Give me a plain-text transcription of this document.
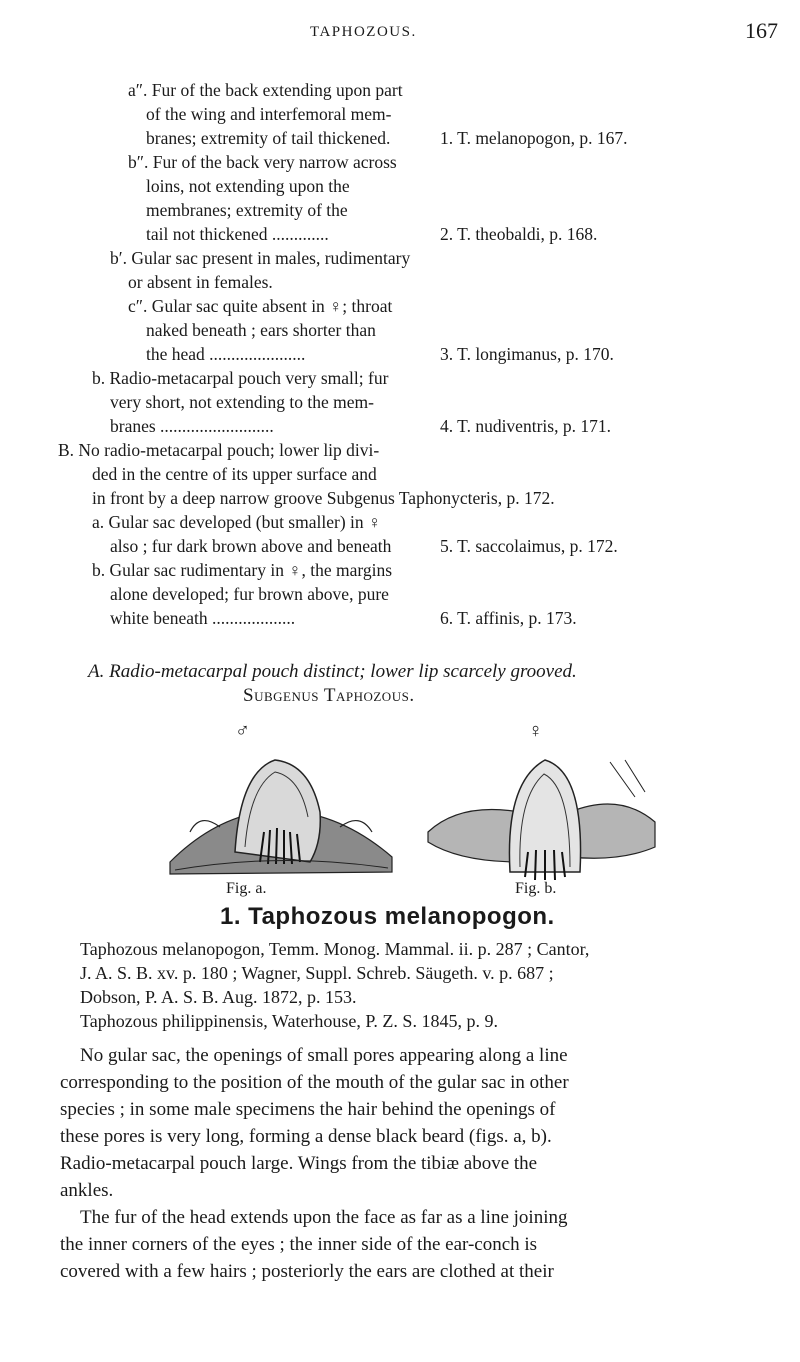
TAPHOZOUS.	167
a″. Fur of the back extending upon part
of the wing and interfemoral mem-
branes; extremity of tail thickened.	1. T. melanopogon, p. 167.
b″. Fur of the back very narrow across
loins, not extending upon the
membranes; extremity of the
tail not thickened .............	2. T. theobaldi, p. 168.
b′. Gular sac present in males, rudimentary
or absent in females.
c″. Gular sac quite absent in ♀; throat
naked beneath ; ears shorter than
the head ......................	3. T. longimanus, p. 170.
b. Radio-metacarpal pouch very small; fur
very short, not extending to the mem-
branes ..........................	4. T. nudiventris, p. 171.
B. No radio-metacarpal pouch; lower lip divi-
ded in the centre of its upper surface and
in front by a deep narrow groove Subgenus Taphonycteris, p. 172.
a. Gular sac developed (but smaller) in ♀
also ; fur dark brown above and beneath	5. T. saccolaimus, p. 172.
b. Gular sac rudimentary in ♀, the margins
alone developed; fur brown above, pure
white beneath ...................	6. T. affinis, p. 173.
A. Radio-metacarpal pouch distinct; lower lip scarcely grooved.
Subgenus Taphozous.
♂	♀
Fig. a.	Fig. b.
1. Taphozous melanopogon.
Taphozous melanopogon, Temm. Monog. Mammal. ii. p. 287 ; Cantor,
J. A. S. B. xv. p. 180 ; Wagner, Suppl. Schreb. Säugeth. v. p. 687 ;
Dobson, P. A. S. B. Aug. 1872, p. 153.
Taphozous philippinensis, Waterhouse, P. Z. S. 1845, p. 9.
No gular sac, the openings of small pores appearing along a line
corresponding to the position of the mouth of the gular sac in other
species ; in some male specimens the hair behind the openings of
these pores is very long, forming a dense black beard (figs. a, b).
Radio-metacarpal pouch large. Wings from the tibiæ above the
ankles.
The fur of the head extends upon the face as far as a line joining
the inner corners of the eyes ; the inner side of the ear-conch is
covered with a few hairs ; posteriorly the ears are clothed at their
